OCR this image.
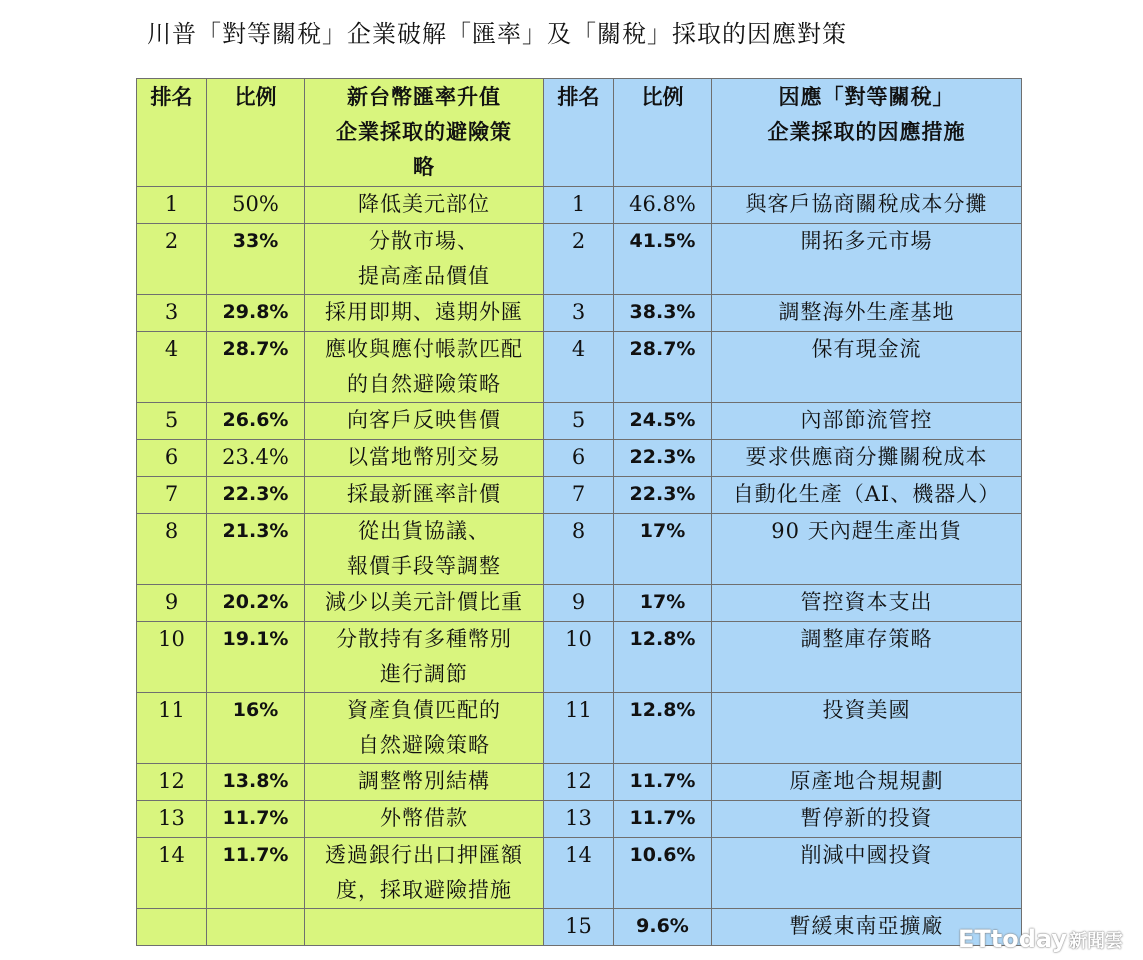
川普「對等關稅」企業破解「匯率」及「關稅」採取的因應對策
排名	比例	新台幣匯率升值
企業採取的避險策
略	排名	比例	因應「對等關稅」
企業採取的因應措施

1	50%	降低美元部位	1	46.8%	與客戶協商關稅成本分攤

2	33%	分散市場、
提高產品價值	2	41.5%	開拓多元市場

3	29.8%	採用即期、遠期外匯	3	38.3%	調整海外生產基地

4	28.7%	應收與應付帳款匹配
的自然避險策略	4	28.7%	保有現金流

5	26.6%	向客戶反映售價	5	24.5%	內部節流管控

6	23.4%	以當地幣別交易	6	22.3%	要求供應商分攤關稅成本

7	22.3%	採最新匯率計價	7	22.3%	自動化生產（AI、機器人）

8	21.3%	從出貨協議、
報價手段等調整	8	17%	90 天內趕生產出貨

9	20.2%	減少以美元計價比重	9	17%	管控資本支出

10	19.1%	分散持有多種幣別
進行調節	10	12.8%	調整庫存策略

11	16%	資產負債匹配的
自然避險策略	11	12.8%	投資美國

12	13.8%	調整幣別結構	12	11.7%	原產地合規規劃

13	11.7%	外幣借款	13	11.7%	暫停新的投資

14	11.7%	透過銀行出口押匯額
度，採取避險措施	14	10.6%	削減中國投資

			15	9.6%	暫緩東南亞擴廠 ETtoday 新聞雲
